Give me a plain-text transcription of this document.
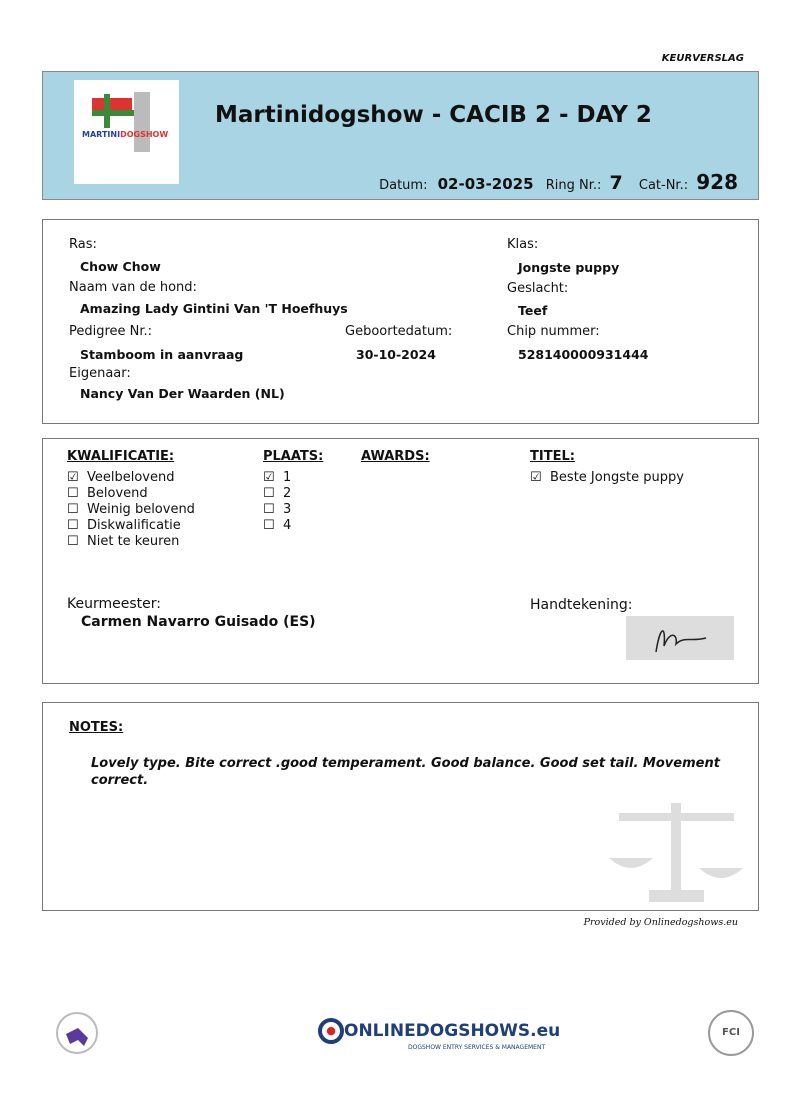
KEURVERSLAG
MARTINIDOGSHOW
Martinidogshow - CACIB 2 - DAY 2
Datum: 02-03-2025 Ring Nr.: 7 Cat-Nr.: 928
Ras:
Chow Chow
Naam van de hond:
Amazing Lady Gintini Van 'T Hoefhuys
Pedigree Nr.:
Stamboom in aanvraag
Geboortedatum:
30-10-2024
Eigenaar:
Nancy Van Der Waarden (NL)
Klas:
Jongste puppy
Geslacht:
Teef
Chip nummer:
528140000931444
KWALIFICATIE:	PLAATS:	AWARDS:	TITEL:
☑ Veelbelovend
☐ Belovend
☐ Weinig belovend
☐ Diskwalificatie
☐ Niet te keuren
☑ 1
☐ 2
☐ 3
☐ 4
☑ Beste Jongste puppy
Keurmeester:
Carmen Navarro Guisado (ES)
Handtekening:
NOTES:
Lovely type. Bite correct .good temperament. Good balance. Good set tail. Movement correct.
Provided by Onlinedogshows.eu
● ONLINEDOGSHOWS.eu
DOGSHOW ENTRY SERVICES & MANAGEMENT
FCI
